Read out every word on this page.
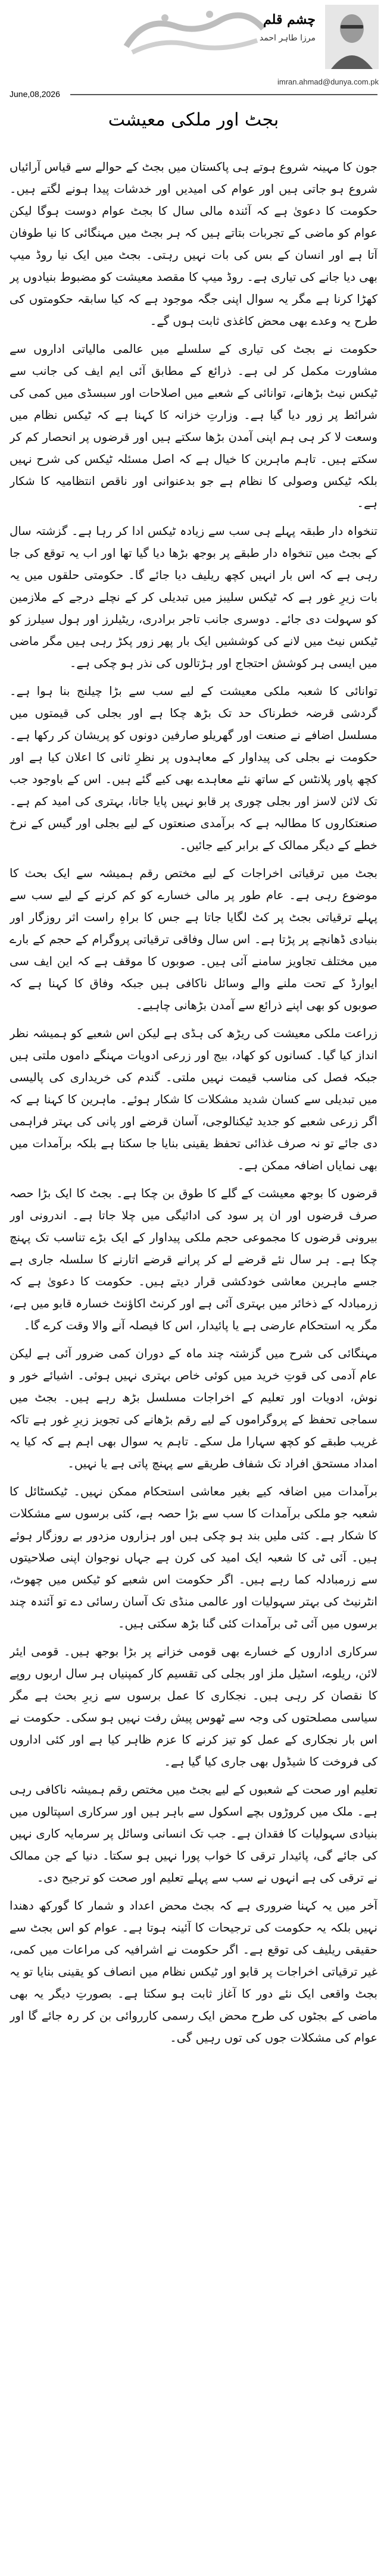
چشم قلم
مرزا طاہر احمد
imran.ahmad@dunya.com.pk
June,08,2026
بجٹ اور ملکی معیشت

جون کا مہینہ شروع ہوتے ہی پاکستان میں بجٹ کے حوالے سے قیاس آرائیاں شروع ہو جاتی ہیں اور عوام کی امیدیں اور خدشات پیدا ہونے لگتے ہیں۔ حکومت کا دعویٰ ہے کہ آئندہ مالی سال کا بجٹ عوام دوست ہوگا لیکن عوام کو ماضی کے تجربات بتاتے ہیں کہ ہر بجٹ میں مہنگائی کا نیا طوفان آتا ہے اور انسان کے بس کی بات نہیں رہتی۔ بجٹ میں ایک نیا روڈ میپ بھی دیا جانے کی تیاری ہے۔ روڈ میپ کا مقصد معیشت کو مضبوط بنیادوں پر کھڑا کرنا ہے مگر یہ سوال اپنی جگہ موجود ہے کہ کیا سابقہ حکومتوں کی طرح یہ وعدے بھی محض کاغذی ثابت ہوں گے۔

حکومت نے بجٹ کی تیاری کے سلسلے میں عالمی مالیاتی اداروں سے مشاورت مکمل کر لی ہے۔ ذرائع کے مطابق آئی ایم ایف کی جانب سے ٹیکس نیٹ بڑھانے، توانائی کے شعبے میں اصلاحات اور سبسڈی میں کمی کی شرائط پر زور دیا گیا ہے۔ وزارتِ خزانہ کا کہنا ہے کہ ٹیکس نظام میں وسعت لا کر ہی ہم اپنی آمدن بڑھا سکتے ہیں اور قرضوں پر انحصار کم کر سکتے ہیں۔ تاہم ماہرین کا خیال ہے کہ اصل مسئلہ ٹیکس کی شرح نہیں بلکہ ٹیکس وصولی کا نظام ہے جو بدعنوانی اور ناقص انتظامیہ کا شکار ہے۔

تنخواہ دار طبقہ پہلے ہی سب سے زیادہ ٹیکس ادا کر رہا ہے۔ گزشتہ سال کے بجٹ میں تنخواہ دار طبقے پر بوجھ بڑھا دیا گیا تھا اور اب یہ توقع کی جا رہی ہے کہ اس بار انہیں کچھ ریلیف دیا جائے گا۔ حکومتی حلقوں میں یہ بات زیرِ غور ہے کہ ٹیکس سلیبز میں تبدیلی کر کے نچلے درجے کے ملازمین کو سہولت دی جائے۔ دوسری جانب تاجر برادری، ریٹیلرز اور ہول سیلرز کو ٹیکس نیٹ میں لانے کی کوششیں ایک بار پھر زور پکڑ رہی ہیں مگر ماضی میں ایسی ہر کوشش احتجاج اور ہڑتالوں کی نذر ہو چکی ہے۔

توانائی کا شعبہ ملکی معیشت کے لیے سب سے بڑا چیلنج بنا ہوا ہے۔ گردشی قرضہ خطرناک حد تک بڑھ چکا ہے اور بجلی کی قیمتوں میں مسلسل اضافے نے صنعت اور گھریلو صارفین دونوں کو پریشان کر رکھا ہے۔ حکومت نے بجلی کی پیداوار کے معاہدوں پر نظرِ ثانی کا اعلان کیا ہے اور کچھ پاور پلانٹس کے ساتھ نئے معاہدے بھی کیے گئے ہیں۔ اس کے باوجود جب تک لائن لاسز اور بجلی چوری پر قابو نہیں پایا جاتا، بہتری کی امید کم ہے۔ صنعتکاروں کا مطالبہ ہے کہ برآمدی صنعتوں کے لیے بجلی اور گیس کے نرخ خطے کے دیگر ممالک کے برابر کیے جائیں۔

بجٹ میں ترقیاتی اخراجات کے لیے مختص رقم ہمیشہ سے ایک بحث کا موضوع رہی ہے۔ عام طور پر مالی خسارے کو کم کرنے کے لیے سب سے پہلے ترقیاتی بجٹ پر کٹ لگایا جاتا ہے جس کا براہِ راست اثر روزگار اور بنیادی ڈھانچے پر پڑتا ہے۔ اس سال وفاقی ترقیاتی پروگرام کے حجم کے بارے میں مختلف تجاویز سامنے آئی ہیں۔ صوبوں کا موقف ہے کہ این ایف سی ایوارڈ کے تحت ملنے والے وسائل ناکافی ہیں جبکہ وفاق کا کہنا ہے کہ صوبوں کو بھی اپنے ذرائع سے آمدن بڑھانی چاہیے۔

زراعت ملکی معیشت کی ریڑھ کی ہڈی ہے لیکن اس شعبے کو ہمیشہ نظر انداز کیا گیا۔ کسانوں کو کھاد، بیج اور زرعی ادویات مہنگے داموں ملتی ہیں جبکہ فصل کی مناسب قیمت نہیں ملتی۔ گندم کی خریداری کی پالیسی میں تبدیلی سے کسان شدید مشکلات کا شکار ہوئے۔ ماہرین کا کہنا ہے کہ اگر زرعی شعبے کو جدید ٹیکنالوجی، آسان قرضے اور پانی کی بہتر فراہمی دی جائے تو نہ صرف غذائی تحفظ یقینی بنایا جا سکتا ہے بلکہ برآمدات میں بھی نمایاں اضافہ ممکن ہے۔

قرضوں کا بوجھ معیشت کے گلے کا طوق بن چکا ہے۔ بجٹ کا ایک بڑا حصہ صرف قرضوں اور ان پر سود کی ادائیگی میں چلا جاتا ہے۔ اندرونی اور بیرونی قرضوں کا مجموعی حجم ملکی پیداوار کے ایک بڑے تناسب تک پہنچ چکا ہے۔ ہر سال نئے قرضے لے کر پرانے قرضے اتارنے کا سلسلہ جاری ہے جسے ماہرین معاشی خودکشی قرار دیتے ہیں۔ حکومت کا دعویٰ ہے کہ زرمبادلہ کے ذخائر میں بہتری آئی ہے اور کرنٹ اکاؤنٹ خسارہ قابو میں ہے، مگر یہ استحکام عارضی ہے یا پائیدار، اس کا فیصلہ آنے والا وقت کرے گا۔

مہنگائی کی شرح میں گزشتہ چند ماہ کے دوران کمی ضرور آئی ہے لیکن عام آدمی کی قوتِ خرید میں کوئی خاص بہتری نہیں ہوئی۔ اشیائے خور و نوش، ادویات اور تعلیم کے اخراجات مسلسل بڑھ رہے ہیں۔ بجٹ میں سماجی تحفظ کے پروگراموں کے لیے رقم بڑھانے کی تجویز زیرِ غور ہے تاکہ غریب طبقے کو کچھ سہارا مل سکے۔ تاہم یہ سوال بھی اہم ہے کہ کیا یہ امداد مستحق افراد تک شفاف طریقے سے پہنچ پاتی ہے یا نہیں۔

برآمدات میں اضافہ کیے بغیر معاشی استحکام ممکن نہیں۔ ٹیکسٹائل کا شعبہ جو ملکی برآمدات کا سب سے بڑا حصہ ہے، کئی برسوں سے مشکلات کا شکار ہے۔ کئی ملیں بند ہو چکی ہیں اور ہزاروں مزدور بے روزگار ہوئے ہیں۔ آئی ٹی کا شعبہ ایک امید کی کرن ہے جہاں نوجوان اپنی صلاحیتوں سے زرمبادلہ کما رہے ہیں۔ اگر حکومت اس شعبے کو ٹیکس میں چھوٹ، انٹرنیٹ کی بہتر سہولیات اور عالمی منڈی تک آسان رسائی دے تو آئندہ چند برسوں میں آئی ٹی برآمدات کئی گنا بڑھ سکتی ہیں۔

سرکاری اداروں کے خسارے بھی قومی خزانے پر بڑا بوجھ ہیں۔ قومی ایئر لائن، ریلوے، اسٹیل ملز اور بجلی کی تقسیم کار کمپنیاں ہر سال اربوں روپے کا نقصان کر رہی ہیں۔ نجکاری کا عمل برسوں سے زیرِ بحث ہے مگر سیاسی مصلحتوں کی وجہ سے ٹھوس پیش رفت نہیں ہو سکی۔ حکومت نے اس بار نجکاری کے عمل کو تیز کرنے کا عزم ظاہر کیا ہے اور کئی اداروں کی فروخت کا شیڈول بھی جاری کیا گیا ہے۔

تعلیم اور صحت کے شعبوں کے لیے بجٹ میں مختص رقم ہمیشہ ناکافی رہی ہے۔ ملک میں کروڑوں بچے اسکول سے باہر ہیں اور سرکاری اسپتالوں میں بنیادی سہولیات کا فقدان ہے۔ جب تک انسانی وسائل پر سرمایہ کاری نہیں کی جائے گی، پائیدار ترقی کا خواب پورا نہیں ہو سکتا۔ دنیا کے جن ممالک نے ترقی کی ہے انہوں نے سب سے پہلے تعلیم اور صحت کو ترجیح دی۔

آخر میں یہ کہنا ضروری ہے کہ بجٹ محض اعداد و شمار کا گورکھ دھندا نہیں بلکہ یہ حکومت کی ترجیحات کا آئینہ ہوتا ہے۔ عوام کو اس بجٹ سے حقیقی ریلیف کی توقع ہے۔ اگر حکومت نے اشرافیہ کی مراعات میں کمی، غیر ترقیاتی اخراجات پر قابو اور ٹیکس نظام میں انصاف کو یقینی بنایا تو یہ بجٹ واقعی ایک نئے دور کا آغاز ثابت ہو سکتا ہے۔ بصورتِ دیگر یہ بھی ماضی کے بجٹوں کی طرح محض ایک رسمی کارروائی بن کر رہ جائے گا اور عوام کی مشکلات جوں کی توں رہیں گی۔
